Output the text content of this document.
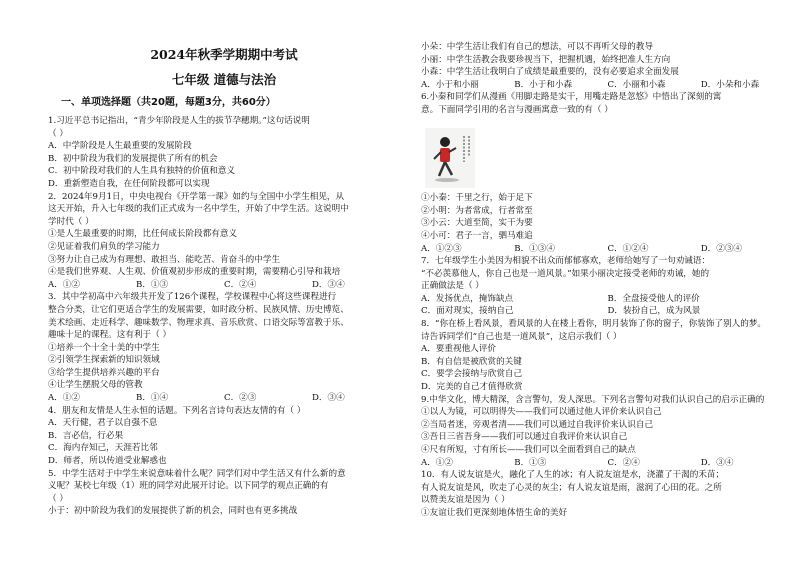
2024年秋季学期期中考试
七年级 道德与法治
一、单项选择题（共20题，每题3分，共60分）
1.习近平总书记指出，“青少年阶段是人生的拔节孕穗期。”这句话说明
（ ）
A．中学阶段是人生最重要的发展阶段
B．初中阶段为我们的发展提供了所有的机会
C．初中阶段对我们的人生具有独特的价值和意义
D．重新塑造自我，在任何阶段都可以实现
2．2024年9月1日，中央电视台《开学第一课》如约与全国中小学生相见，从
这天开始，升入七年级的我们正式成为一名中学生，开始了中学生活。这说明中
学时代（ ）
①是人生最重要的时期，比任何成长阶段都有意义
②见证着我们肩负的学习能力
③努力让自己成为有理想、敢担当、能吃苦、肯奋斗的中学生
④是我们世界观、人生观、价值观初步形成的重要时期，需要精心引导和栽培
A．①②	B．①③	C．②④	D．③④
3．其中学初高中六年级共开发了126个课程，学校课程中心将这些课程进行
整合分类，让它们更适合学生的发展需要，如时政分析、民族风情、历史博览、
美术绘画、走近科学、趣味数学、物理求真、音乐欣赏、口语交际等富教于乐、
趣味十足的课程。这有利于（ ）
①培养一个十全十美的中学生
②引领学生探索新的知识领域
③给学生提供培养兴趣的平台
④让学生摆脱父母的管教
A．①②	B．①④	C．②③	D．③④
4．朋友和友情是人生永恒的话题。下列名言诗句表达友情的有（ ）
A．天行健，君子以自强不息
B．言必信，行必果
C．海内存知己，天涯若比邻
D．师者，所以传道受业解惑也
5．中学生活对于中学生来说意味着什么呢？同学们对中学生活又有什么新的意
义呢？某校七年级（1）班的同学对此展开讨论。以下同学的观点正确的有
（ ）
小于：初中阶段为我们的发展提供了新的机会，同时也有更多挑战
小朵：中学生活让我们有自己的想法，可以不再听父母的教导
小丽：中学生活教会我要珍视当下，把握机遇，始终把准人生方向
小森：中学生活让我明白了成绩是最重要的，没有必要追求全面发展
A．小于和小丽	B．小于和小森	C．小丽和小森	D．小朵和小森
6.小秦和同学们从漫画《用脚走路是实干，用嘴走路是忽悠》中悟出了深刻的寓
意。下面同学引用的名言与漫画寓意一致的有（ ）
①小秦：千里之行，始于足下
②小明：为者常成，行者常至
③小云：大道至简，实干为要
④小可：君子一言，驷马难追
A．①②③	B．①③④	C．①②④	D．②③④
7．七年级学生小美因为相貌不出众而郁郁寡欢，老师给她写了一句劝诫语：
“不必羡慕他人，你自己也是一道风景。”如果小丽决定接受老师的劝诫，她的
正确做法是（ ）
A．发扬优点，掩饰缺点	B．全盘接受他人的评价
C．面对现实，接纳自己	D．装扮自己，成为风景
8．“你在桥上看风景，看风景的人在楼上看你，明月装饰了你的窗子，你装饰了别人的梦。
诗告诉同学们“自己也是一道风景”，这启示我们（ ）
A．要重视他人评价
B．有自信是被欣赏的关键
C．要学会接纳与欣赏自己
D．完美的自己才值得欣赏
9.中华文化，博大精深，含言警句，发人深思。下列名言警句对我们认识自己的启示正确的
①以人为镜，可以明得失——我们可以通过他人评价来认识自己
②当局者迷，旁观者清——我们可以通过自我评价来认识自己
③吾日三省吾身——我们可以通过自我评价来认识自己
④尺有所短，寸有所长——我们可以全面看到自己的缺点
A．①②	B．①③	C．②④	D．③④
10．有人说友谊是火，融化了人生的冰；有人说友谊是水，浇灌了干渴的禾苗；
有人说友谊是风，吹走了心灵的灰尘；有人说友谊是雨，滋润了心田的花。之所
以赞美友谊是因为（ ）
①友谊让我们更深刻地体悟生命的美好
